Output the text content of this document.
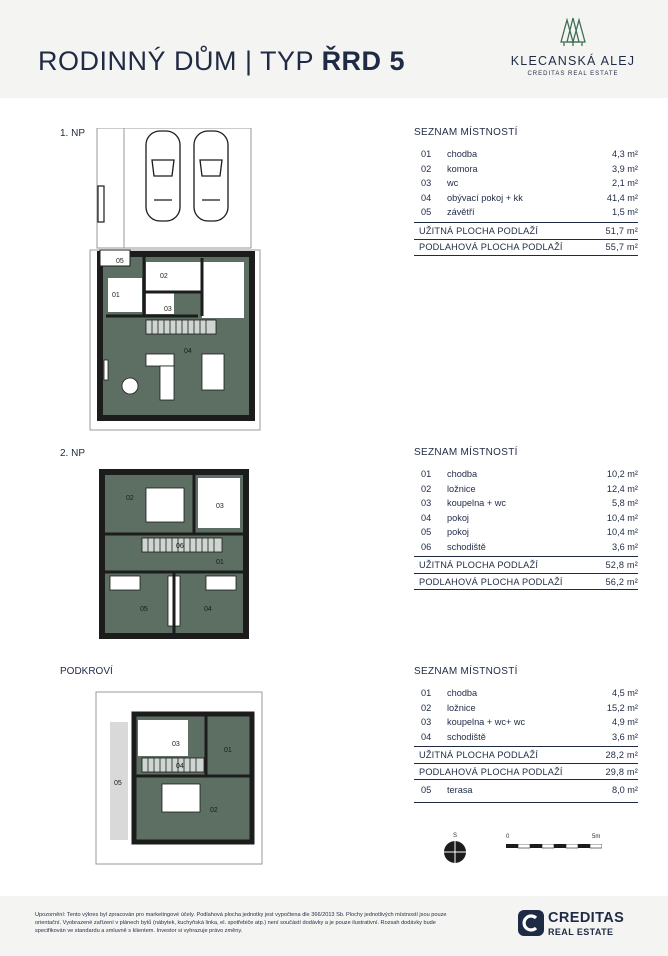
RODINNÝ DŮM | TYP ŘRD 5	KLECANSKÁ ALEJ
CREDITAS REAL ESTATE
1. NP
05
02
01
03
04
SEZNAM MÍSTNOSTÍ
01	chodba	4,3 m²
02	komora	3,9 m²
03	wc	2,1 m²
04	obývací pokoj + kk	41,4 m²
05	závětří	1,5 m²
UŽITNÁ PLOCHA PODLAŽÍ	51,7 m²
PODLAHOVÁ PLOCHA PODLAŽÍ	55,7 m²
2. NP
02
03
06
01
05	04
SEZNAM MÍSTNOSTÍ
01	chodba	10,2 m²
02	ložnice	12,4 m²
03	koupelna + wc	5,8 m²
04	pokoj	10,4 m²
05	pokoj	10,4 m²
06	schodiště	3,6 m²
UŽITNÁ PLOCHA PODLAŽÍ	52,8 m²
PODLAHOVÁ PLOCHA PODLAŽÍ	56,2 m²
PODKROVÍ
03
01
04
05
02
SEZNAM MÍSTNOSTÍ
01	chodba	4,5 m²
02	ložnice	15,2 m²
03	koupelna + wc+ wc	4,9 m²
04	schodiště	3,6 m²
UŽITNÁ PLOCHA PODLAŽÍ	28,2 m²
PODLAHOVÁ PLOCHA PODLAŽÍ	29,8 m²
05	terasa	8,0 m²
S	0	5m
Upozornění: Tento výkres byl zpracován pro marketingové účely. Podlahová plocha jednotky jest vypočtena dle 366/2013 Sb. Plochy jednotlivých místností jsou pouze orientační. Vyobrazené zařízení v plánech bytů (nábytek, kuchyňská linka, el. spotřebiče atp.) není součástí dodávky a je pouze ilustrativní. Rozsah dodávky bude specifikován ve standardu a smluvně s klientem. Investor si vyhrazuje právo změny.
CREDITAS
REAL ESTATE
